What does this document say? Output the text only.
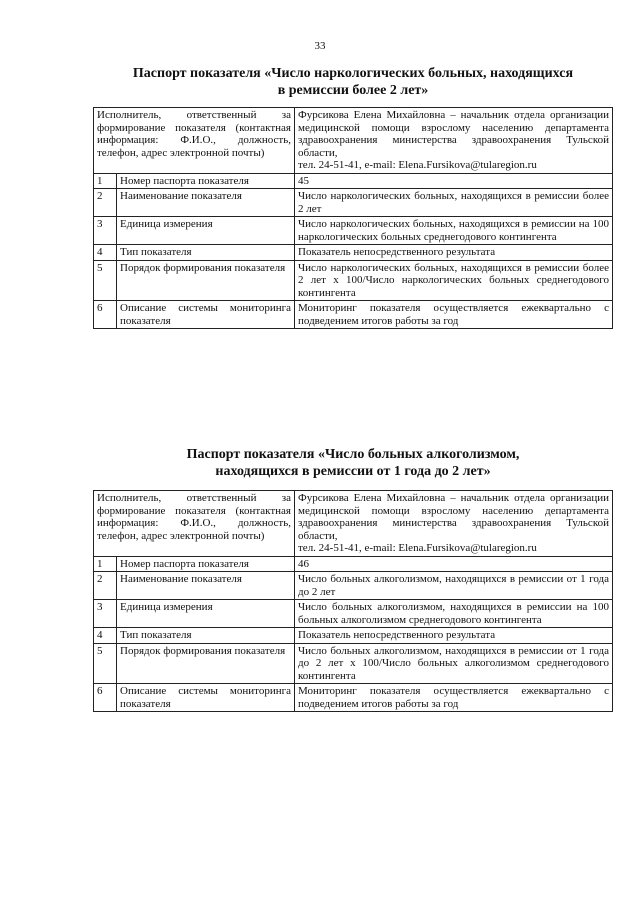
33
Паспорт показателя «Число наркологических больных, находящихся
в ремиссии более 2 лет»
Исполнитель, ответственный за формирование показателя (контактная информация: Ф.И.О., должность, телефон, адрес электронной почты)		Фурсикова Елена Михайловна – начальник отдела организации медицинской помощи взрослому населению департамента здравоохранения министерства здравоохранения Тульской области,
тел. 24-51-41, e-mail: Elena.Fursikova@tularegion.ru

1	Номер паспорта показателя	45
2	Наименование показателя	Число наркологических больных, находящихся в ремиссии более 2 лет
3	Единица измерения	Число наркологических больных, находящихся в ремиссии на 100 наркологических больных среднегодового контингента
4	Тип показателя	Показатель непосредственного результата
5	Порядок формирования показателя	Число наркологических больных, находящихся в ремиссии более 2 лет х 100/Число наркологических больных среднегодового контингента
6	Описание системы мониторинга показателя	Мониторинг показателя осуществляется ежеквартально с подведением итогов работы за год
Паспорт показателя «Число больных алкоголизмом,
находящихся в ремиссии от 1 года до 2 лет»
Исполнитель, ответственный за формирование показателя (контактная информация: Ф.И.О., должность, телефон, адрес электронной почты)		Фурсикова Елена Михайловна – начальник отдела организации медицинской помощи взрослому населению департамента здравоохранения министерства здравоохранения Тульской области,
тел. 24-51-41, e-mail: Elena.Fursikova@tularegion.ru

1	Номер паспорта показателя	46
2	Наименование показателя	Число больных алкоголизмом, находящихся в ремиссии от 1 года до 2 лет
3	Единица измерения	Число больных алкоголизмом, находящихся в ремиссии на 100 больных алкоголизмом среднегодового контингента
4	Тип показателя	Показатель непосредственного результата
5	Порядок формирования показателя	Число больных алкоголизмом, находящихся в ремиссии от 1 года до 2 лет х 100/Число больных алкоголизмом среднегодового контингента
6	Описание системы мониторинга показателя	Мониторинг показателя осуществляется ежеквартально с подведением итогов работы за год
